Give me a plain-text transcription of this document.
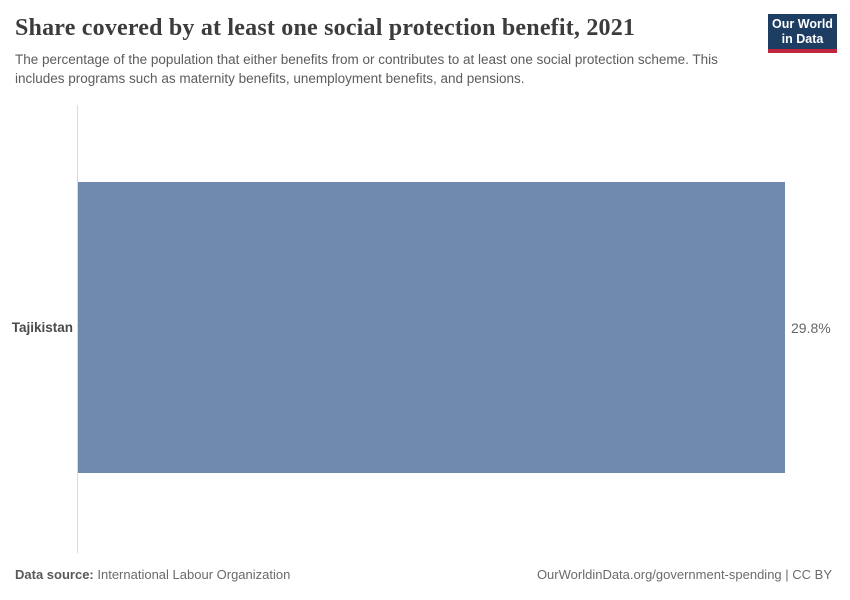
Share covered by at least one social protection benefit, 2021	Our World
in Data

The percentage of the population that either benefits from or contributes to at least one social protection scheme. This includes programs such as maternity benefits, unemployment benefits, and pensions.

Tajikistan	29.8%
Data source: International Labour Organization	OurWorldinData.org/government-spending | CC BY
